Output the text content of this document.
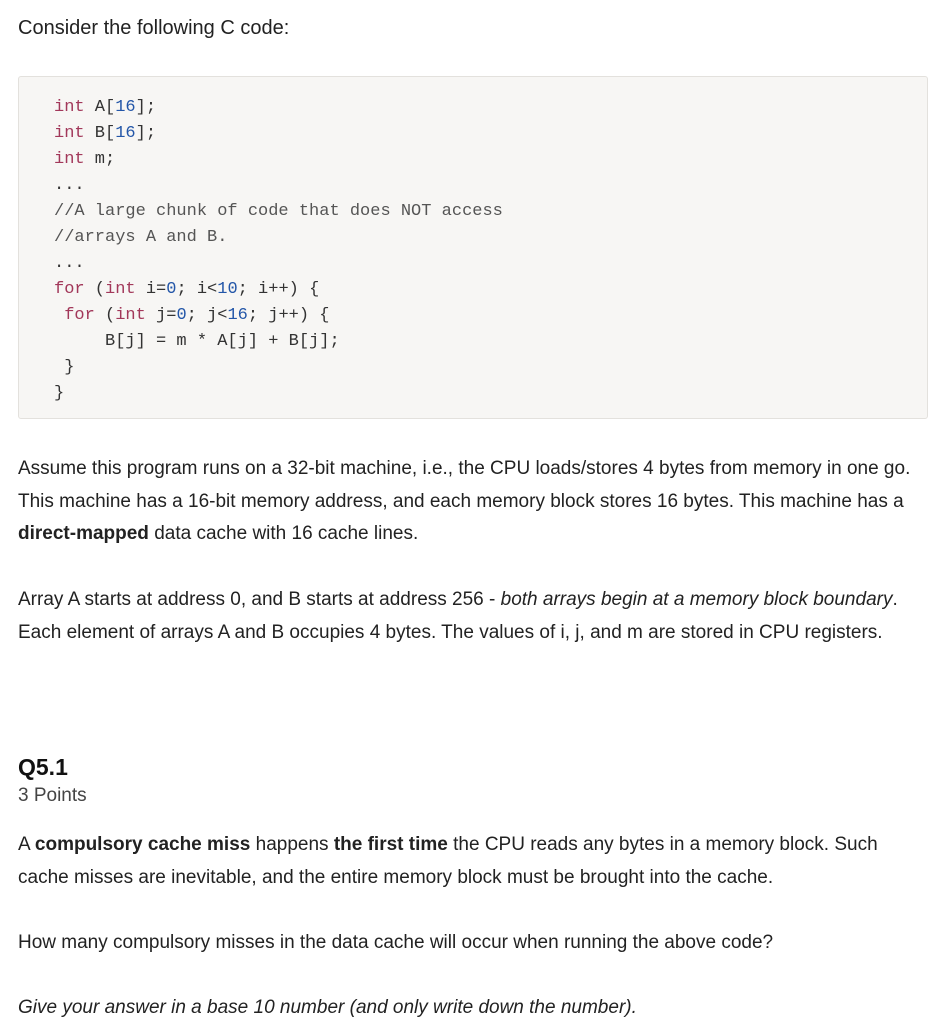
Consider the following C code:

int A[16];
int B[16];
int m;
...
//A large chunk of code that does NOT access
//arrays A and B.
...
for (int i=0; i<10; i++) {
for (int j=0; j<16; j++) {
B[j] = m * A[j] + B[j];
}
}

Assume this program runs on a 32-bit machine, i.e., the CPU loads/stores 4 bytes from memory in one go. This machine has a 16-bit memory address, and each memory block stores 16 bytes. This machine has a direct-mapped data cache with 16 cache lines.

Array A starts at address 0, and B starts at address 256 - both arrays begin at a memory block boundary. Each element of arrays A and B occupies 4 bytes. The values of i, j, and m are stored in CPU registers.

Q5.1

3 Points

A compulsory cache miss happens the first time the CPU reads any bytes in a memory block. Such cache misses are inevitable, and the entire memory block must be brought into the cache.

How many compulsory misses in the data cache will occur when running the above code?

Give your answer in a base 10 number (and only write down the number).
